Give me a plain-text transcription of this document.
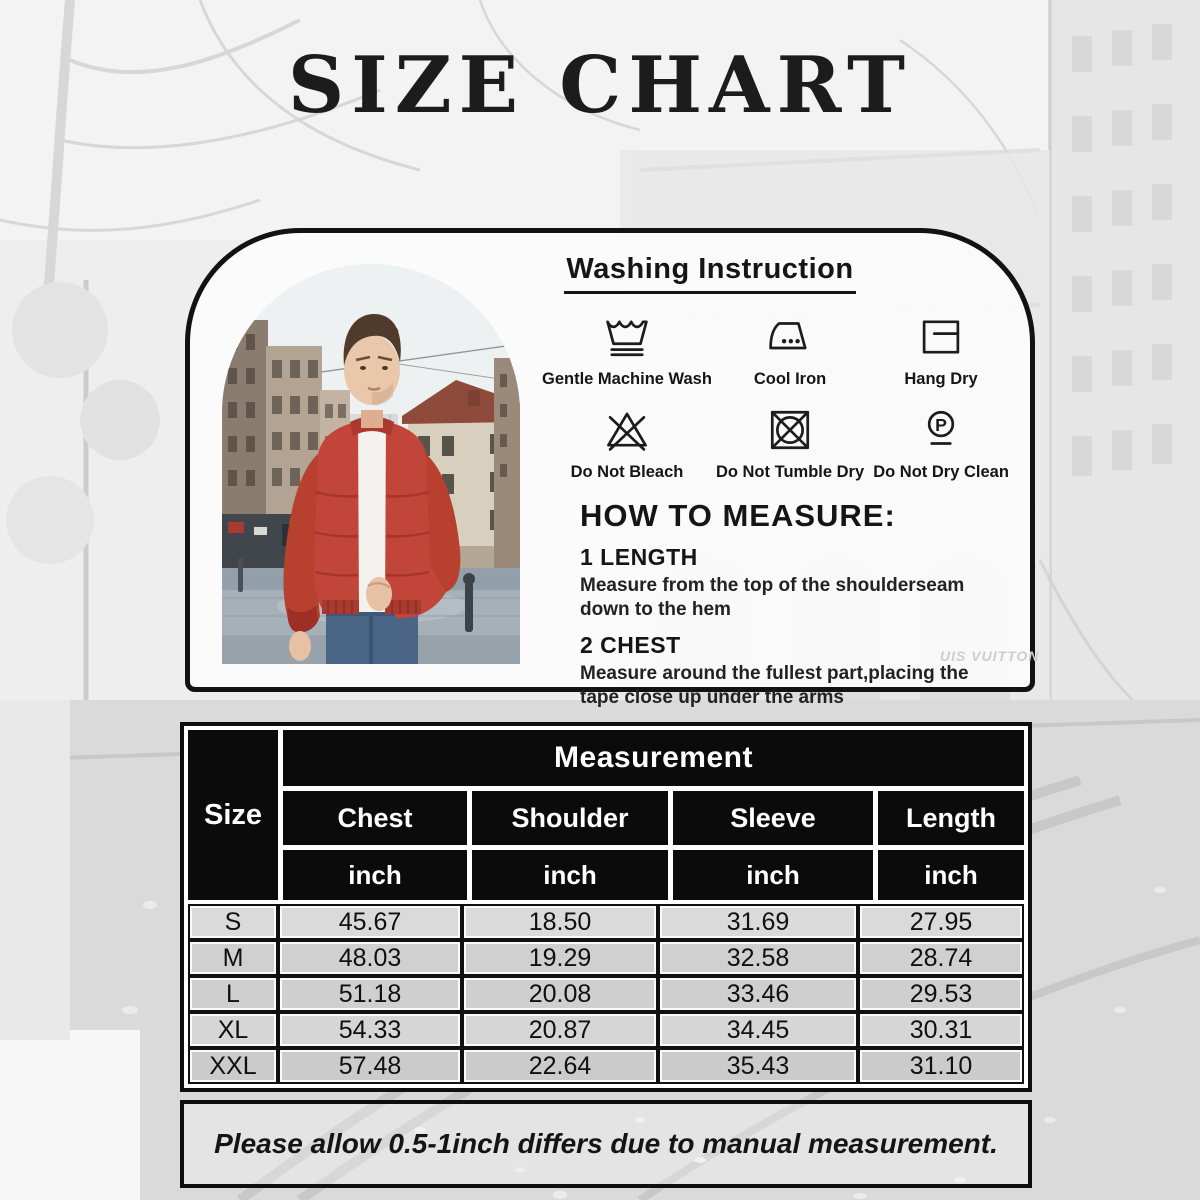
SIZE CHART
UIS VUITTON
Washing Instruction
Gentle Machine Wash	Cool Iron	Hang Dry
Do Not Bleach Do Not Tumble Dry
P
Do Not Dry Clean
HOW TO MEASURE:
1 LENGTH
Measure from the top of the shoulderseam down to the hem
2 CHEST
Measure around the fullest part,placing the tape close up under the arms
Size
Measurement
Chest	Shoulder	Sleeve	Length
inch	inch	inch	inch
S	45.67	18.50	31.69	27.95
M	48.03	19.29	32.58	28.74
L	51.18	20.08	33.46	29.53
XL	54.33	20.87	34.45	30.31
XXL	57.48	22.64	35.43	31.10
Please allow 0.5-1inch differs due to manual measurement.
